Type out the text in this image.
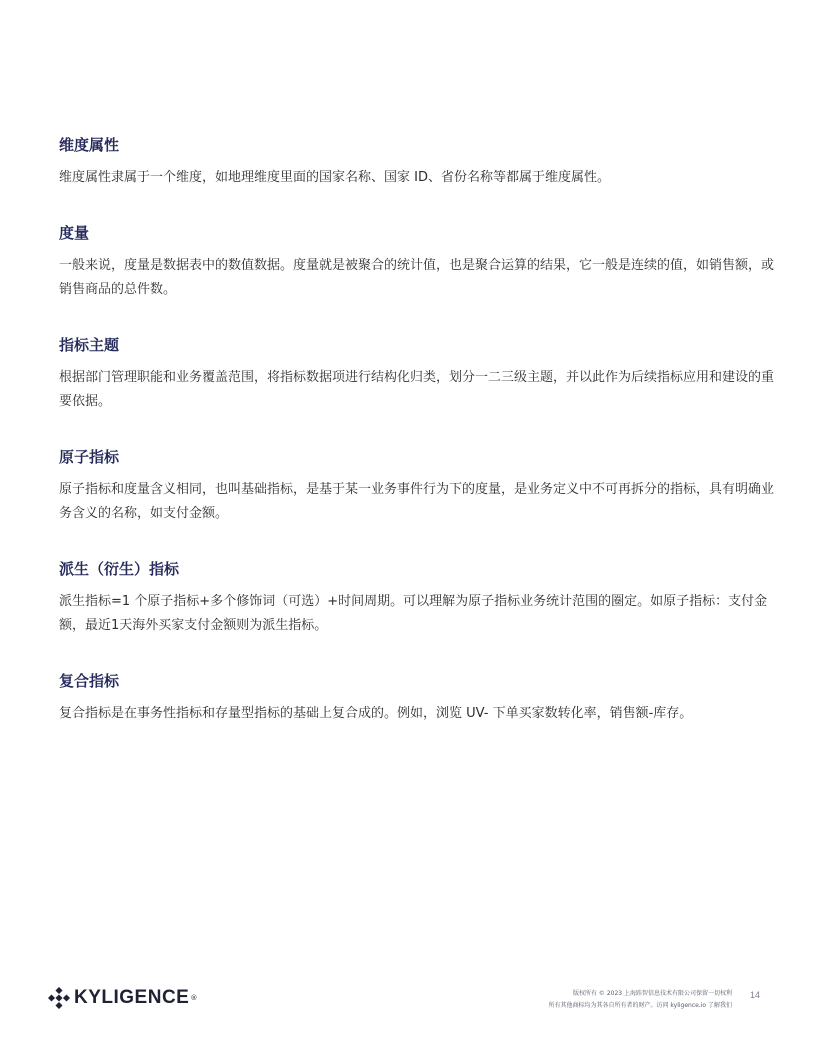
维度属性

维度属性隶属于一个维度，如地理维度里面的国家名称、国家 ID、省份名称等都属于维度属性。

度量

一般来说，度量是数据表中的数值数据。度量就是被聚合的统计值，也是聚合运算的结果，它一般是连续的值，如销售额，或销售商品的总件数。

指标主题

根据部门管理职能和业务覆盖范围，将指标数据项进行结构化归类，划分一二三级主题，并以此作为后续指标应用和建设的重要依据。

原子指标

原子指标和度量含义相同，也叫基础指标，是基于某一业务事件行为下的度量，是业务定义中不可再拆分的指标，具有明确业务含义的名称，如支付金额。

派生（衍生）指标

派生指标=1 个原子指标+多个修饰词（可选）+时间周期。可以理解为原子指标业务统计范围的圈定。如原子指标：支付金额，最近1天海外买家支付金额则为派生指标。

复合指标

复合指标是在事务性指标和存量型指标的基础上复合成的。例如，浏览 UV- 下单买家数转化率，销售额-库存。

KYLIGENCE ®
版权所有 © 2023 上海跬智信息技术有限公司保留一切权利
所有其他商标均为其各自所有者的财产。访问 kyligence.io 了解我们
14
